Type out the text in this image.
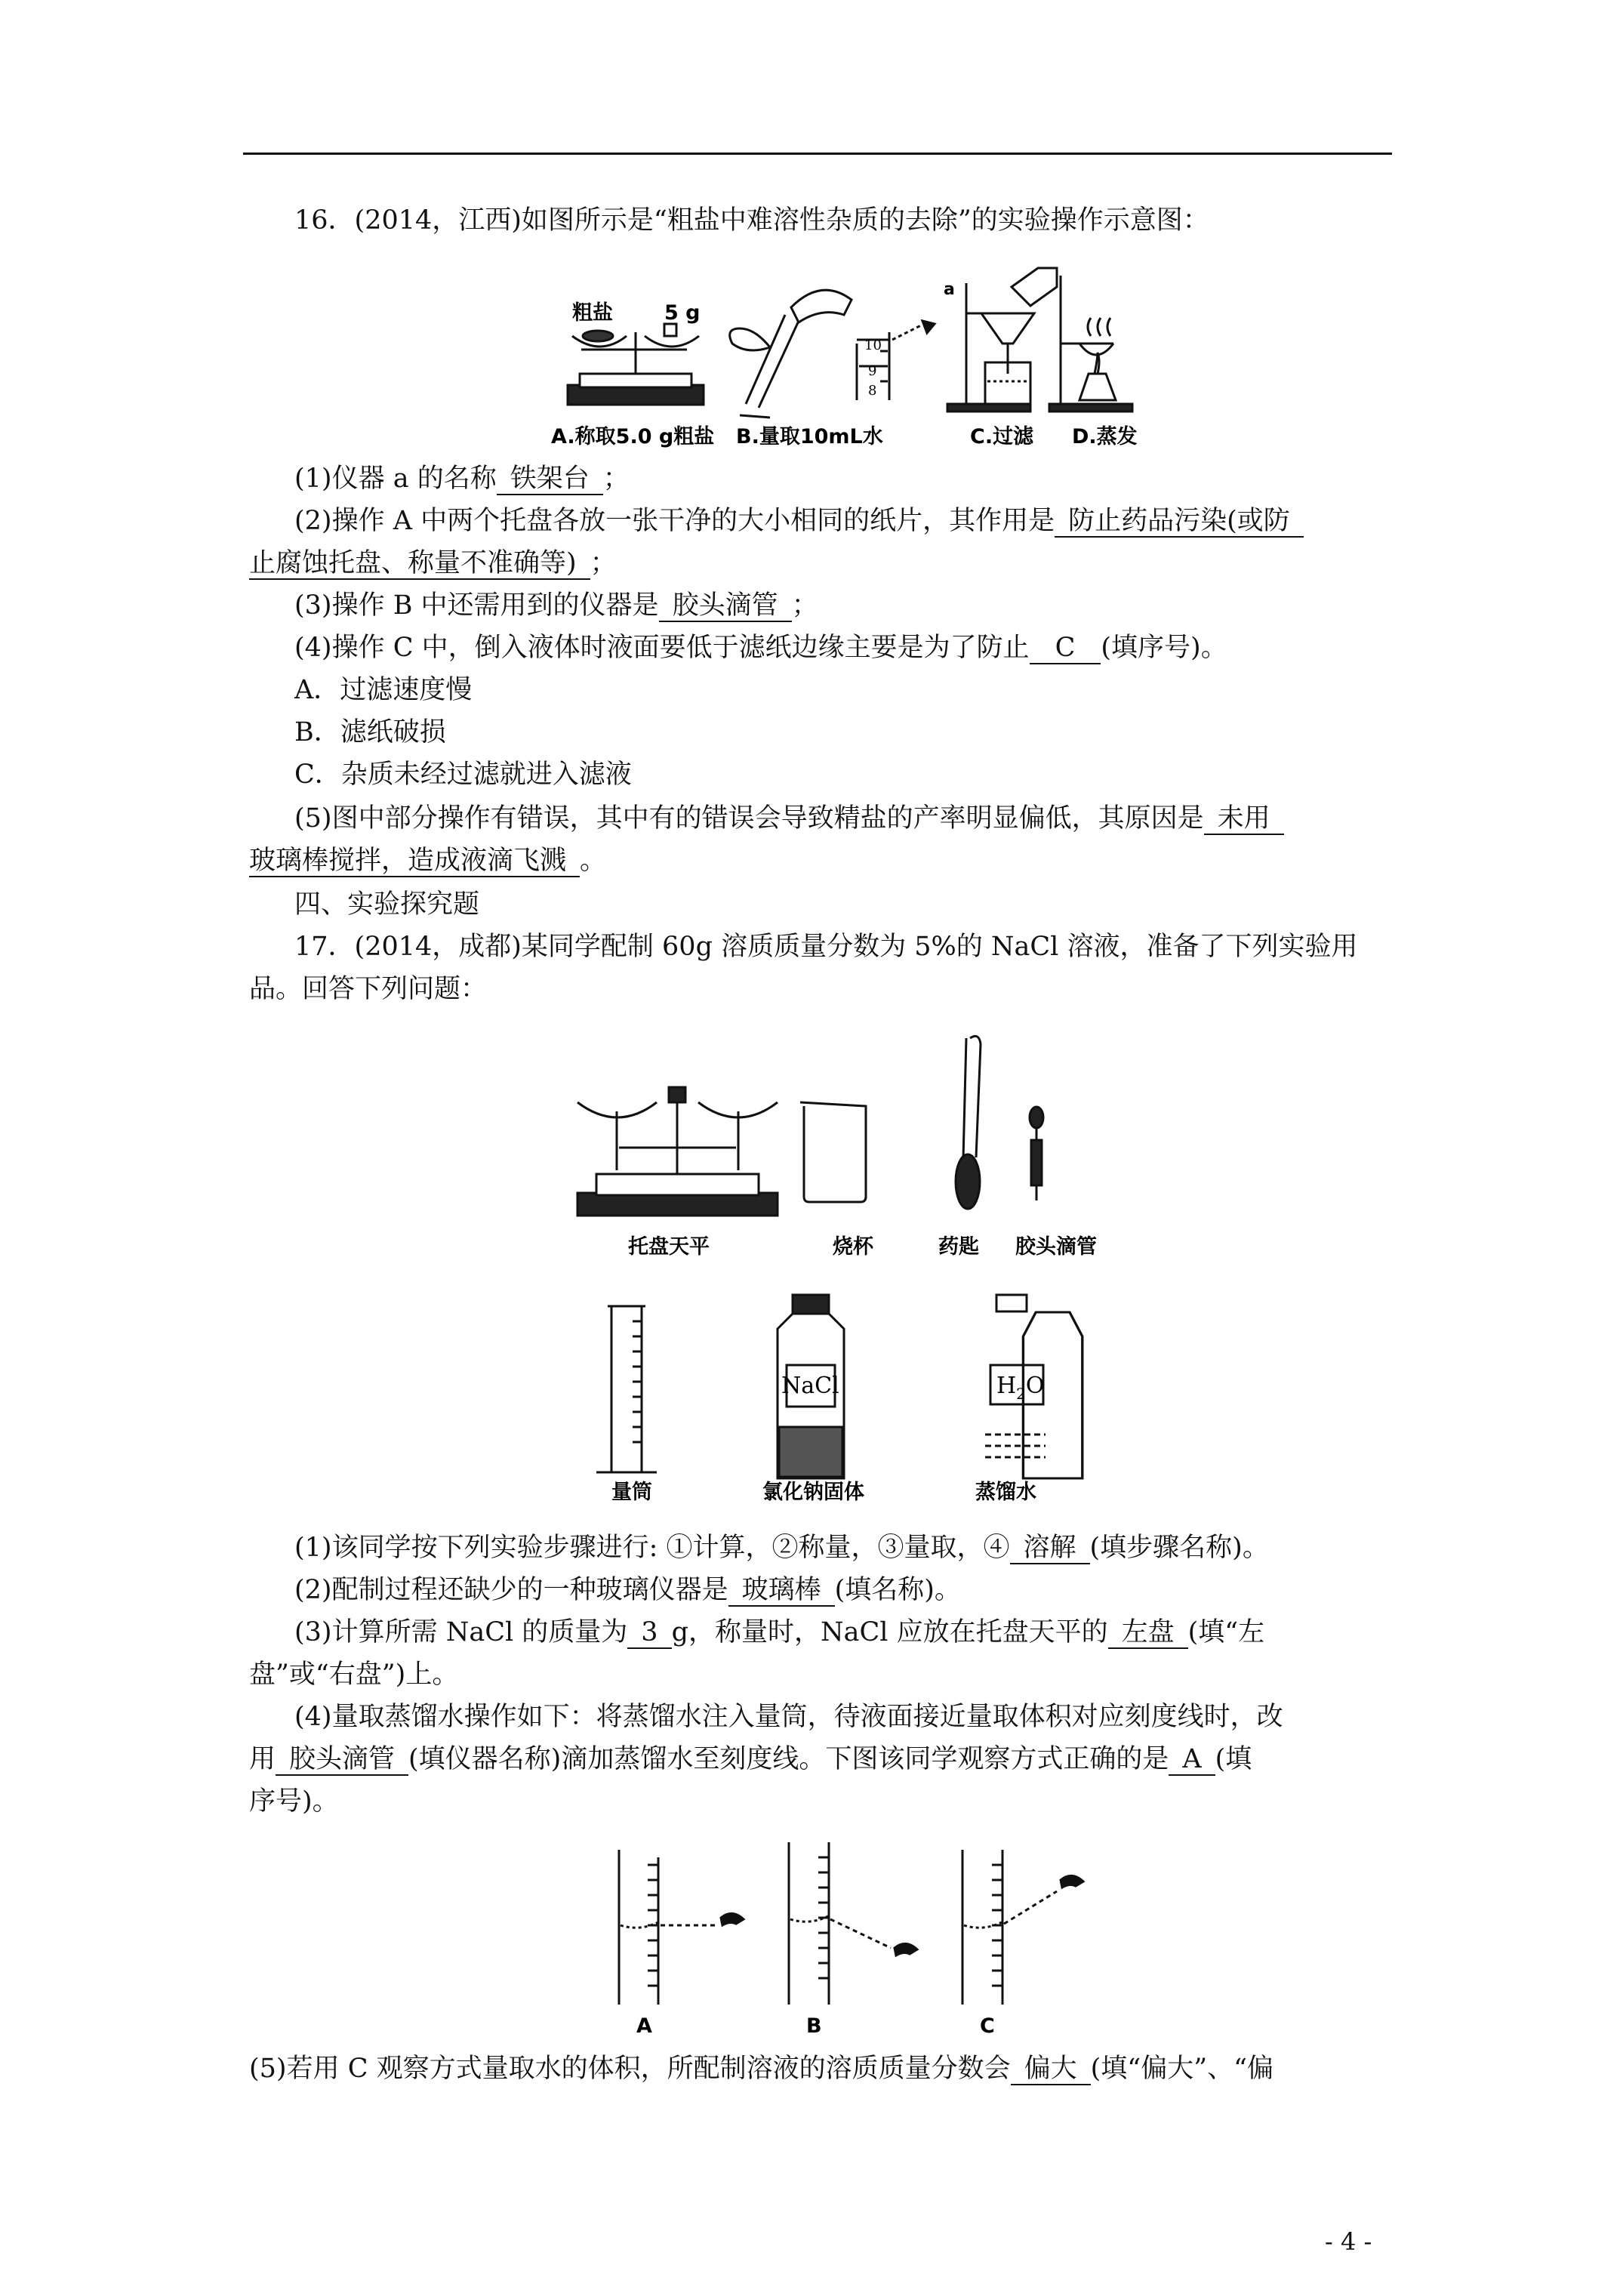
16．(2014，江西)如图所示是“粗盐中难溶性杂质的去除”的实验操作示意图：
粗盐	5 g
a
10
9
8
A.称取5.0 g粗盐 B.量取10mL水	C.过滤 D.蒸发
(1)仪器 a 的名称 铁架台 ；
(2)操作 A 中两个托盘各放一张干净的大小相同的纸片，其作用是 防止药品污染(或防
止腐蚀托盘、称量不准确等) ；
(3)操作 B 中还需用到的仪器是 胶头滴管 ；
(4)操作 C 中，倒入液体时液面要低于滤纸边缘主要是为了防止 C (填序号)。
A．过滤速度慢
B．滤纸破损
C．杂质未经过滤就进入滤液
(5)图中部分操作有错误，其中有的错误会导致精盐的产率明显偏低，其原因是 未用
玻璃棒搅拌，造成液滴飞溅 。
四、实验探究题
17．(2014，成都)某同学配制 60g 溶质质量分数为 5%的 NaCl 溶液，准备了下列实验用
品。回答下列问题：
NaCl	$H_2O$
托盘天平	烧杯	药匙 胶头滴管
量筒	氯化钠固体	蒸馏水
(1)该同学按下列实验步骤进行: ①计算，②称量，③量取，④ 溶解 (填步骤名称)。
(2)配制过程还缺少的一种玻璃仪器是 玻璃棒 (填名称)。
(3)计算所需 NaCl 的质量为 3 g，称量时，NaCl 应放在托盘天平的 左盘 (填“左
盘”或“右盘”)上。
(4)量取蒸馏水操作如下：将蒸馏水注入量筒，待液面接近量取体积对应刻度线时，改
用 胶头滴管 (填仪器名称)滴加蒸馏水至刻度线。下图该同学观察方式正确的是 A (填
序号)。
A	B	C
(5)若用 C 观察方式量取水的体积，所配制溶液的溶质质量分数会 偏大 (填“偏大”、“偏
- 4 -
